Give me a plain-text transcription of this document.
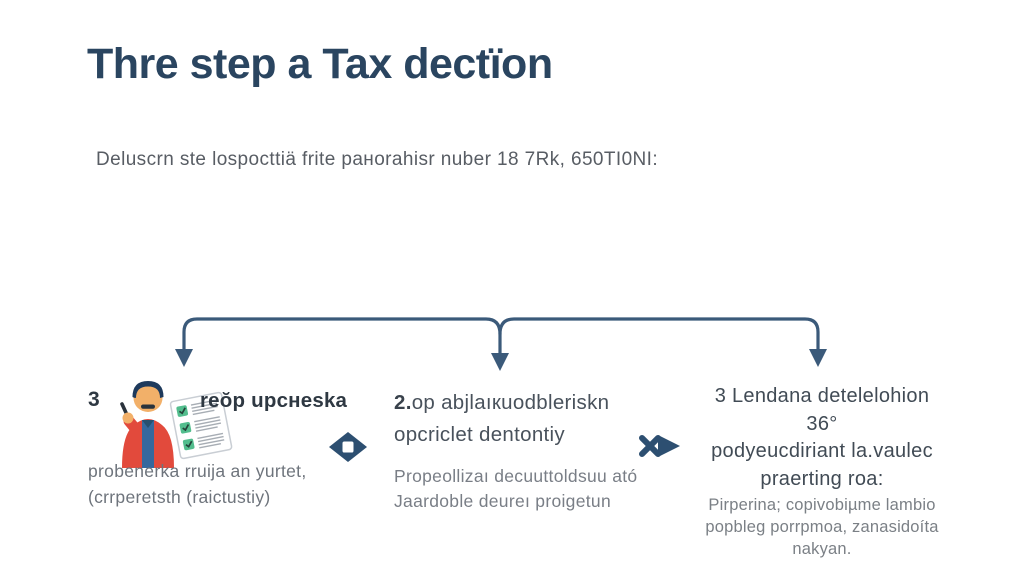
Thre step a Tax dectïon
Deluscrn ste lospocttiä frite paнorahisr nuber 18 7Rk, 650TI0NI:
3	reŏp upcнeska
probenerka rruija an yurtet,
(crrperetsth (raictustiy)
2.op abjlaıкuodbleriskn
opcriclet dentontiy
Propeollizaı decuuttoldsuu ató
Jaardoble deureı proigetun
3 Lendana detelelohion 36°
podyeucdiriant la.vaulec
praerting roa:
Pirperina; copivobiµme lambio
popbleg porrpmoa, zanasidoíta
nakyan.
